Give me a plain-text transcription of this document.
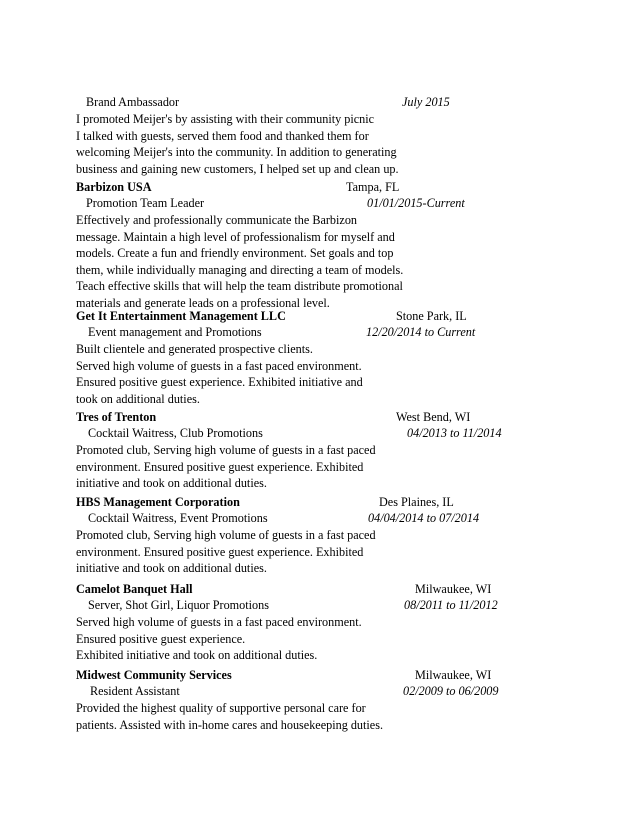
Brand Ambassador	July 2015
I promoted Meijer's by assisting with their community picnic
I talked with guests, served them food and thanked them for
welcoming Meijer's into the community. In addition to generating
business and gaining new customers, I helped set up and clean up.
Barbizon USA	Tampa, FL
Promotion Team Leader	01/01/2015-Current
Effectively and professionally communicate the Barbizon
message. Maintain a high level of professionalism for myself and
models. Create a fun and friendly environment. Set goals and top
them, while individually managing and directing a team of models.
Teach effective skills that will help the team distribute promotional
materials and generate leads on a professional level.
Get It Entertainment Management LLC	Stone Park, IL
Event management and Promotions	12/20/2014 to Current
Built clientele and generated prospective clients.
Served high volume of guests in a fast paced environment.
Ensured positive guest experience. Exhibited initiative and
took on additional duties.
Tres of Trenton	West Bend, WI
Cocktail Waitress, Club Promotions	04/2013 to 11/2014
Promoted club, Serving high volume of guests in a fast paced
environment. Ensured positive guest experience. Exhibited
initiative and took on additional duties.
HBS Management Corporation	Des Plaines, IL
Cocktail Waitress, Event Promotions	04/04/2014 to 07/2014
Promoted club, Serving high volume of guests in a fast paced
environment. Ensured positive guest experience. Exhibited
initiative and took on additional duties.
Camelot Banquet Hall	Milwaukee, WI
Server, Shot Girl, Liquor Promotions	08/2011 to 11/2012
Served high volume of guests in a fast paced environment.
Ensured positive guest experience.
Exhibited initiative and took on additional duties.
Midwest Community Services	Milwaukee, WI
Resident Assistant	02/2009 to 06/2009
Provided the highest quality of supportive personal care for
patients. Assisted with in-home cares and housekeeping duties.
